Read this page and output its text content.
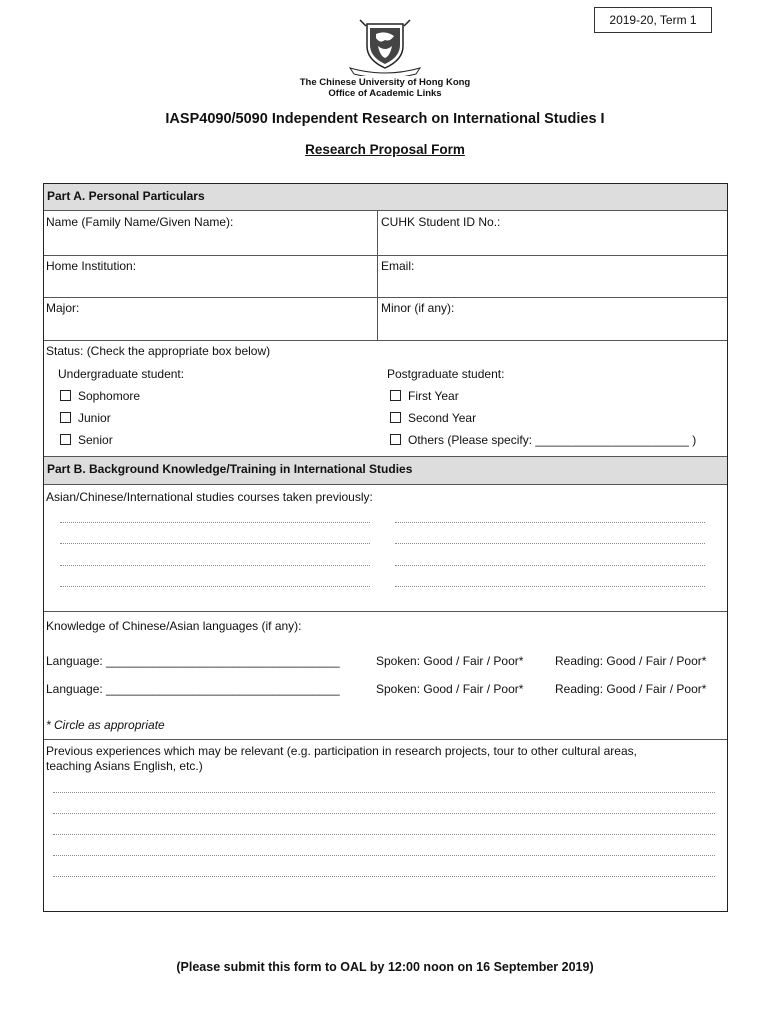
2019-20, Term 1
The Chinese University of Hong Kong
Office of Academic Links
IASP4090/5090 Independent Research on International Studies I
Research Proposal Form
Part A. Personal Particulars
Name (Family Name/Given Name):	CUHK Student ID No.:
Home Institution:	Email:
Major:	Minor (if any):
Status: (Check the appropriate box below)
Undergraduate student:	Postgraduate student:
Sophomore
Junior
Senior
First Year
Second Year
Others (Please specify: _______________________ )
Part B. Background Knowledge/Training in International Studies
Asian/Chinese/International studies courses taken previously:
Knowledge of Chinese/Asian languages (if any):
Language: ___________________________________	Spoken: Good / Fair / Poor*	Reading: Good / Fair / Poor*
Language: ___________________________________	Spoken: Good / Fair / Poor*	Reading: Good / Fair / Poor*
* Circle as appropriate
Previous experiences which may be relevant (e.g. participation in research projects, tour to other cultural areas,
teaching Asians English, etc.)
(Please submit this form to OAL by 12:00 noon on 16 September 2019)
